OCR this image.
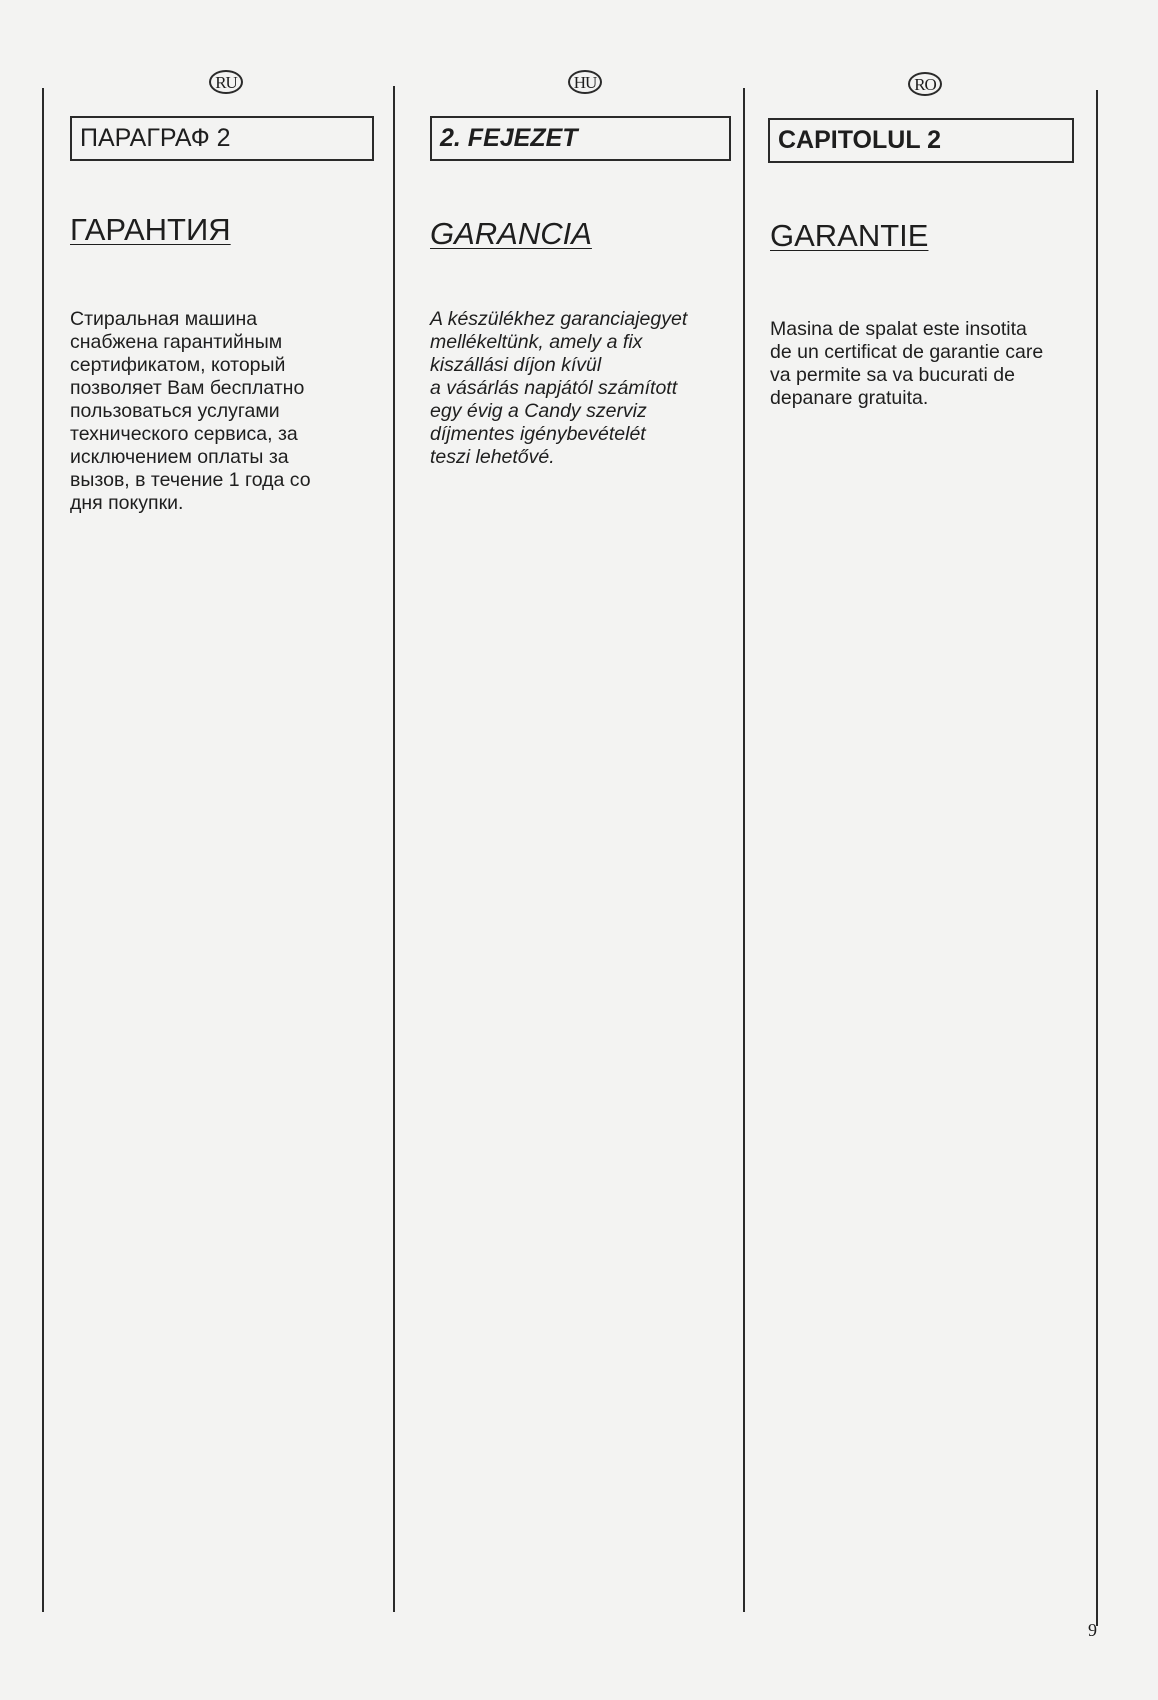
RU
ПАРАГРАФ 2
ГАРАНТИЯ

Стиральная машина
снабжена гарантийным
сертификатом, который
позволяет Вам бесплатно
пользоваться услугами
технического сервиса, за
исключением оплаты за
вызов, в течение 1 года со
дня покупки.

HU
2. FEJEZET
GARANCIA

A készülékhez garanciajegyet
mellékeltünk, amely a fix
kiszállási díjon kívül
a vásárlás napjától számított
egy évig a Candy szerviz
díjmentes igénybevételét
teszi lehetővé.

RO
CAPITOLUL 2
GARANTIE

Masina de spalat este insotita
de un certificat de garantie care
va permite sa va bucurati de
depanare gratuita.

9
